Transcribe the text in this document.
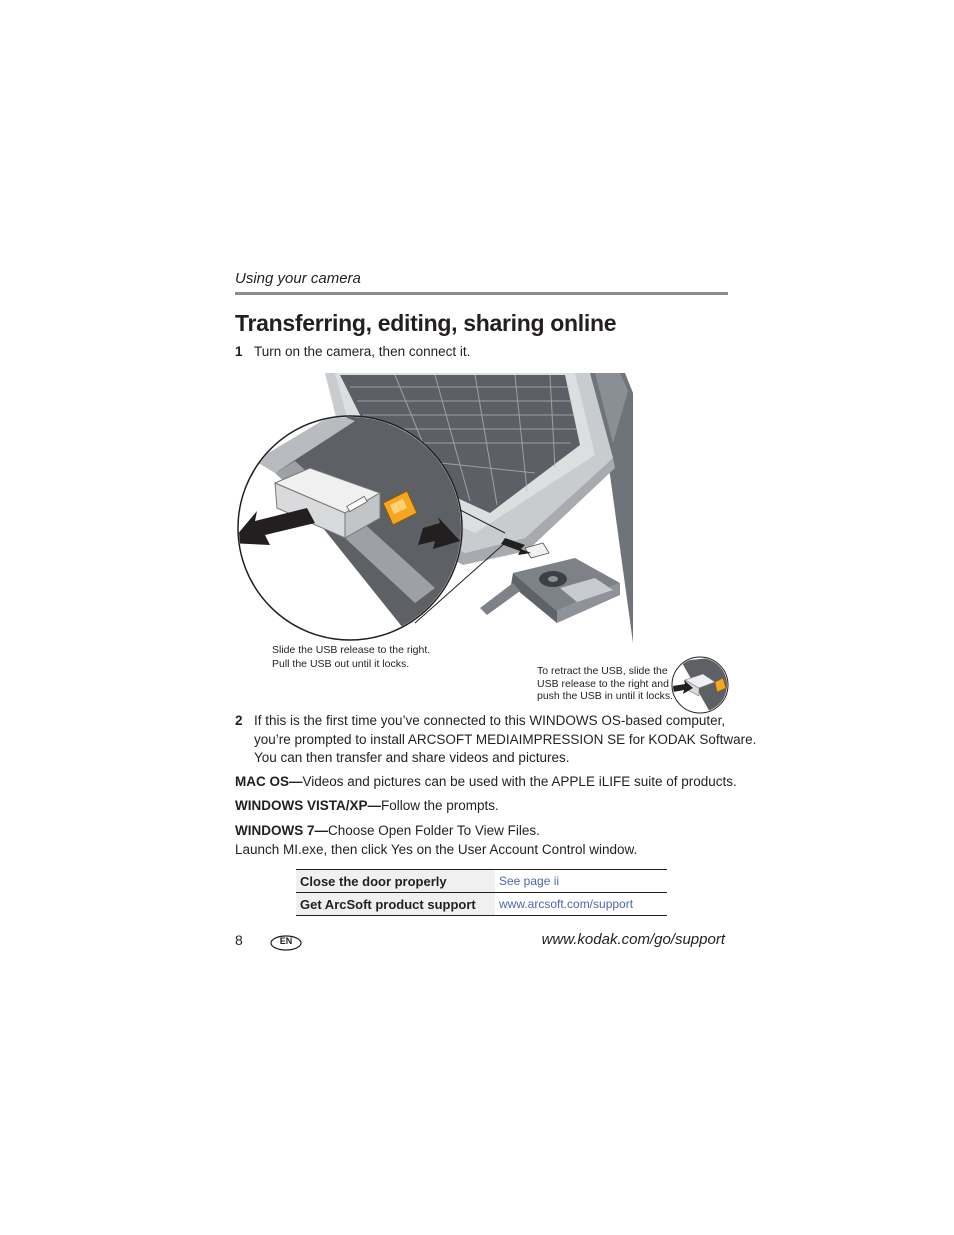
Using your camera
Transferring, editing, sharing online
1 Turn on the camera, then connect it.
Slide the USB release to the right.
Pull the USB out until it locks.
To retract the USB, slide the
USB release to the right and
push the USB in until it locks.
2 If this is the first time you’ve connected to this WINDOWS OS-based computer,
you’re prompted to install ARCSOFT MEDIAIMPRESSION SE for KODAK Software.
You can then transfer and share videos and pictures.
MAC OS—Videos and pictures can be used with the APPLE iLIFE suite of products.
WINDOWS VISTA/XP—Follow the prompts.
WINDOWS 7—Choose Open Folder To View Files.
Launch MI.exe, then click Yes on the User Account Control window.
Close the door properly	See page ii
Get ArcSoft product support	www.arcsoft.com/support
8	EN	www.kodak.com/go/support
